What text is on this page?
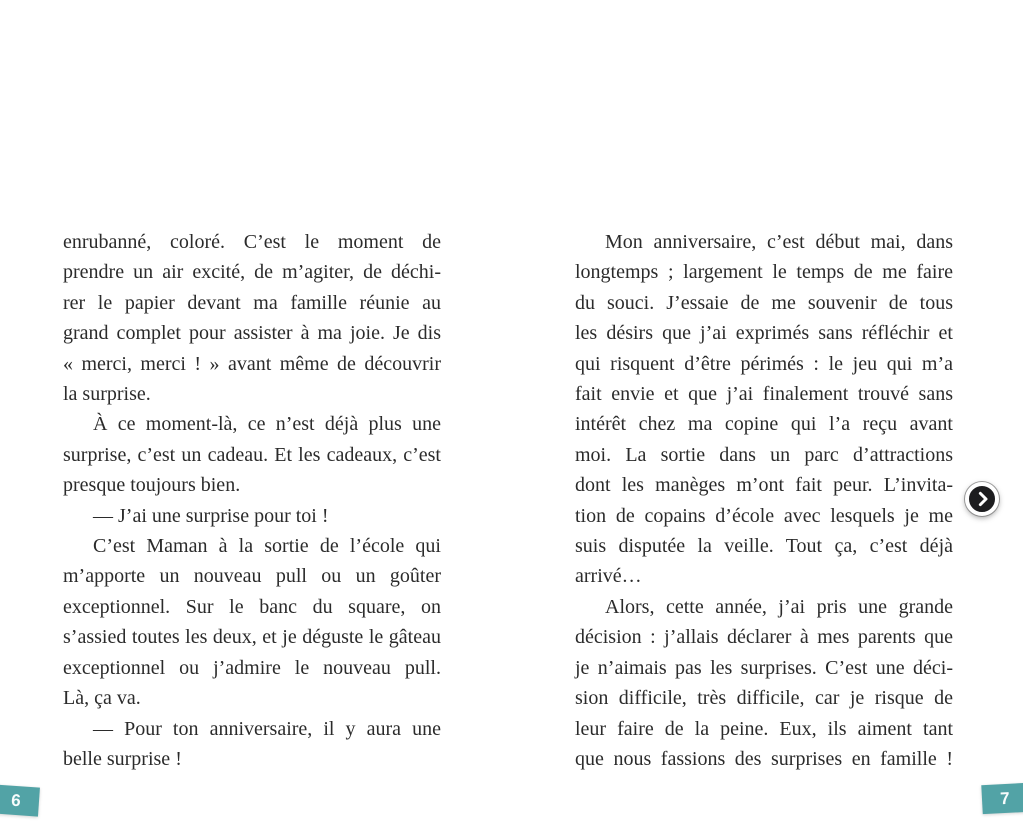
enrubanné, coloré. C’est le moment de
prendre un air excité, de m’agiter, de déchi-
rer le papier devant ma famille réunie au
grand complet pour assister à ma joie. Je dis
« merci, merci ! » avant même de découvrir
la surprise.
À ce moment-là, ce n’est déjà plus une
surprise, c’est un cadeau. Et les cadeaux, c’est
presque toujours bien.
— J’ai une surprise pour toi !
C’est Maman à la sortie de l’école qui
m’apporte un nouveau pull ou un goûter
exceptionnel. Sur le banc du square, on
s’assied toutes les deux, et je déguste le gâteau
exceptionnel ou j’admire le nouveau pull.
Là, ça va.
— Pour ton anniversaire, il y aura une
belle surprise !
Mon anniversaire, c’est début mai, dans
longtemps ; largement le temps de me faire
du souci. J’essaie de me souvenir de tous
les désirs que j’ai exprimés sans réfléchir et
qui risquent d’être périmés : le jeu qui m’a
fait envie et que j’ai finalement trouvé sans
intérêt chez ma copine qui l’a reçu avant
moi. La sortie dans un parc d’attractions
dont les manèges m’ont fait peur. L’invita-
tion de copains d’école avec lesquels je me
suis disputée la veille. Tout ça, c’est déjà
arrivé…
Alors, cette année, j’ai pris une grande
décision : j’allais déclarer à mes parents que
je n’aimais pas les surprises. C’est une déci-
sion difficile, très difficile, car je risque de
leur faire de la peine. Eux, ils aiment tant
que nous fassions des surprises en famille !
6	7
